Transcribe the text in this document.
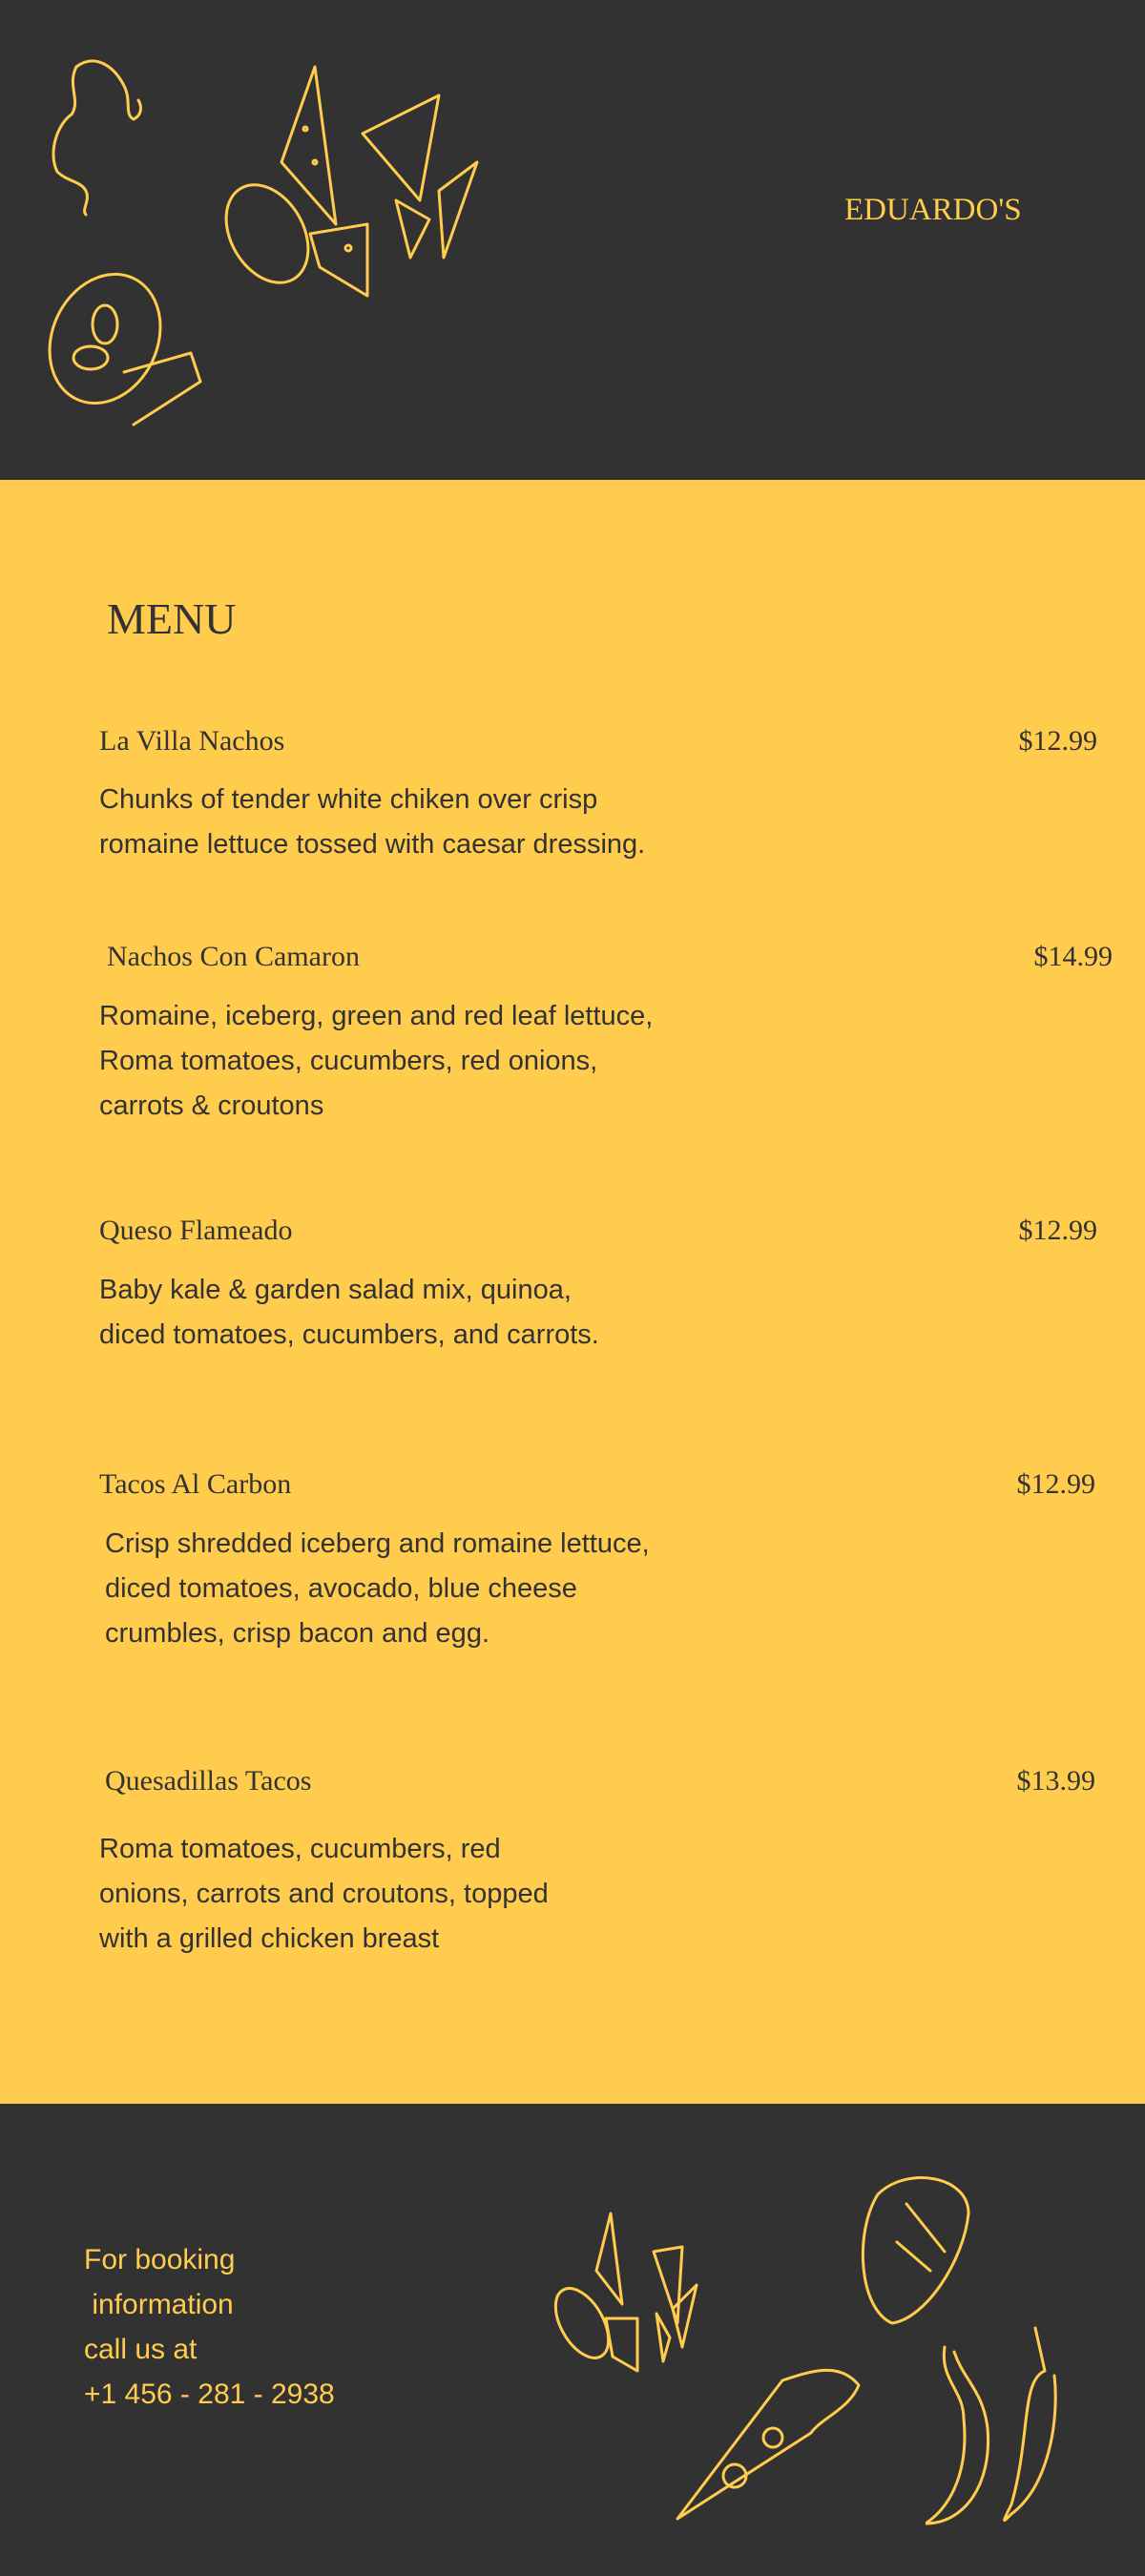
EDUARDO'S
MENU
La Villa Nachos	$12.99
Chunks of tender white chiken over crisp
romaine lettuce tossed with caesar dressing.
Nachos Con Camaron	$14.99
Romaine, iceberg, green and red leaf lettuce,
Roma tomatoes, cucumbers, red onions,
carrots & croutons
Queso Flameado	$12.99
Baby kale & garden salad mix, quinoa,
diced tomatoes, cucumbers, and carrots.
Tacos Al Carbon	$12.99
Crisp shredded iceberg and romaine lettuce,
diced tomatoes, avocado, blue cheese
crumbles, crisp bacon and egg.
Quesadillas Tacos	$13.99
Roma tomatoes, cucumbers, red
onions, carrots and croutons, topped
with a grilled chicken breast
For booking
information
call us at
+1 456 - 281 - 2938
